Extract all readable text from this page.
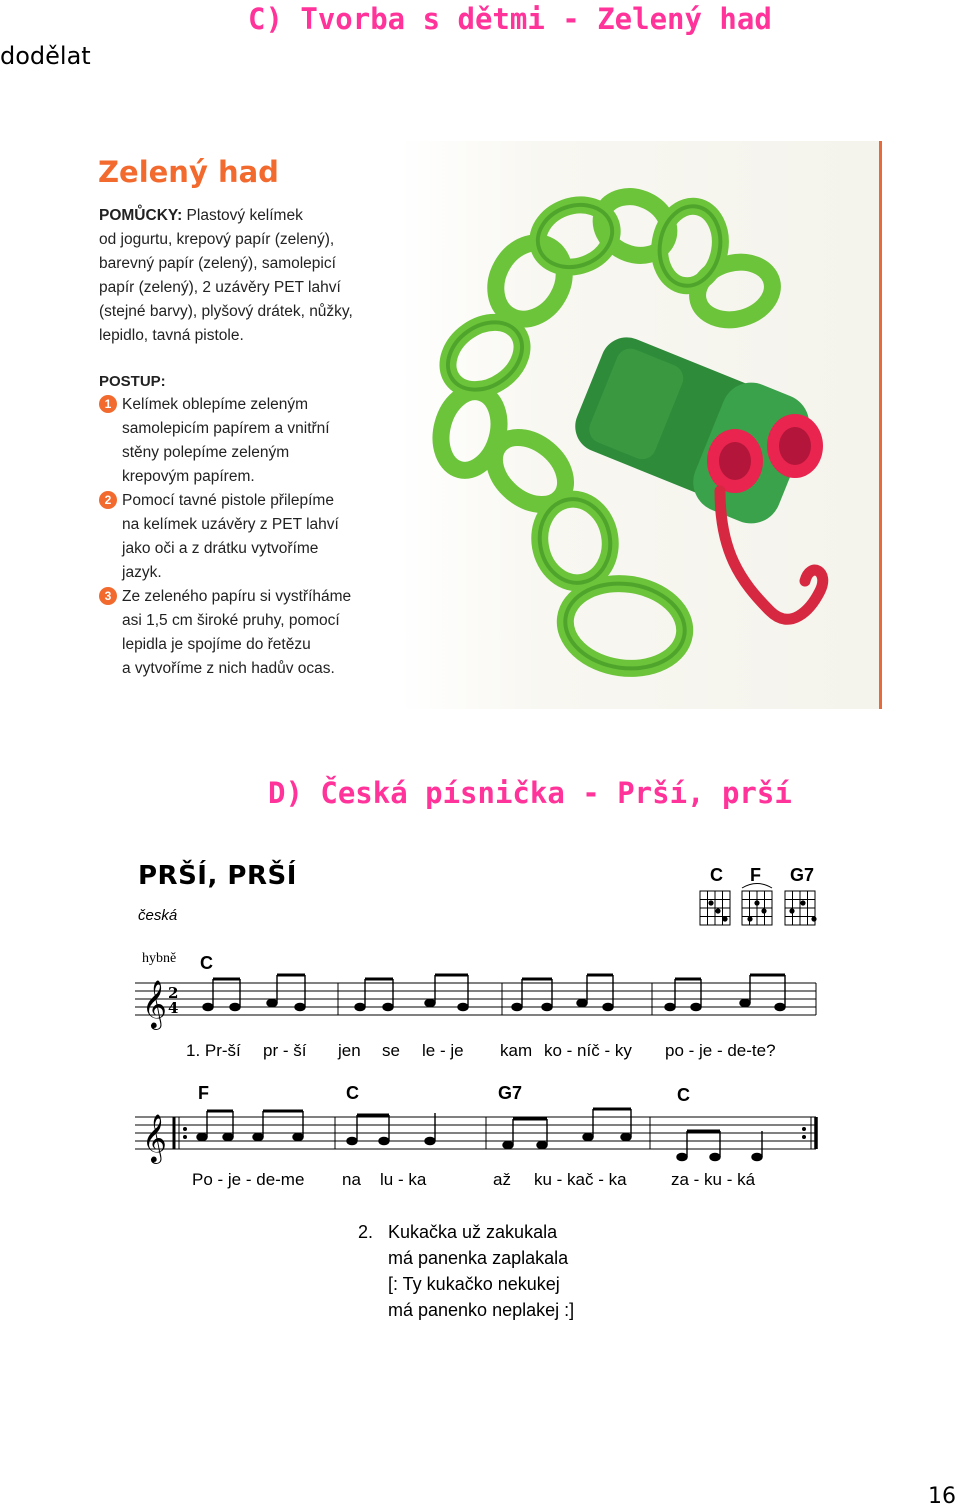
dodělat
C) Tvorba s dětmi - Zelený had
Zelený had
POMŮCKY: Plastový kelímek
od jogurtu, krepový papír (zelený),
barevný papír (zelený), samolepicí
papír (zelený), 2 uzávěry PET lahví
(stejné barvy), plyšový drátek, nůžky,
lepidlo, tavná pistole.
POSTUP:
1 Kelímek oblepíme zeleným
samolepicím papírem a vnitřní
stěny polepíme zeleným
krepovým papírem.
2 Pomocí tavné pistole přilepíme
na kelímek uzávěry z PET lahví
jako oči a z drátku vytvoříme
jazyk.
3 Ze zeleného papíru si vystříháme
asi 1,5 cm široké pruhy, pomocí
lepidla je spojíme do řetězu
a vytvoříme z nich hadův ocas.
D) Česká písnička - Prší, prší
PRŠÍ, PRŠÍ
česká
C F G7
hybně C
F	C	G7	C
𝄞 2
4
𝄞
1. Pr-ší pr - ší jen se le - je kam ko - níč - ky po - je - de-te?
Po - je - de-me na lu - ka	až ku - kač - ka	za - ku - ká
2. Kukačka už zakukala
má panenka zaplakala
[: Ty kukačko nekukej
má panenko neplakej :]
16
